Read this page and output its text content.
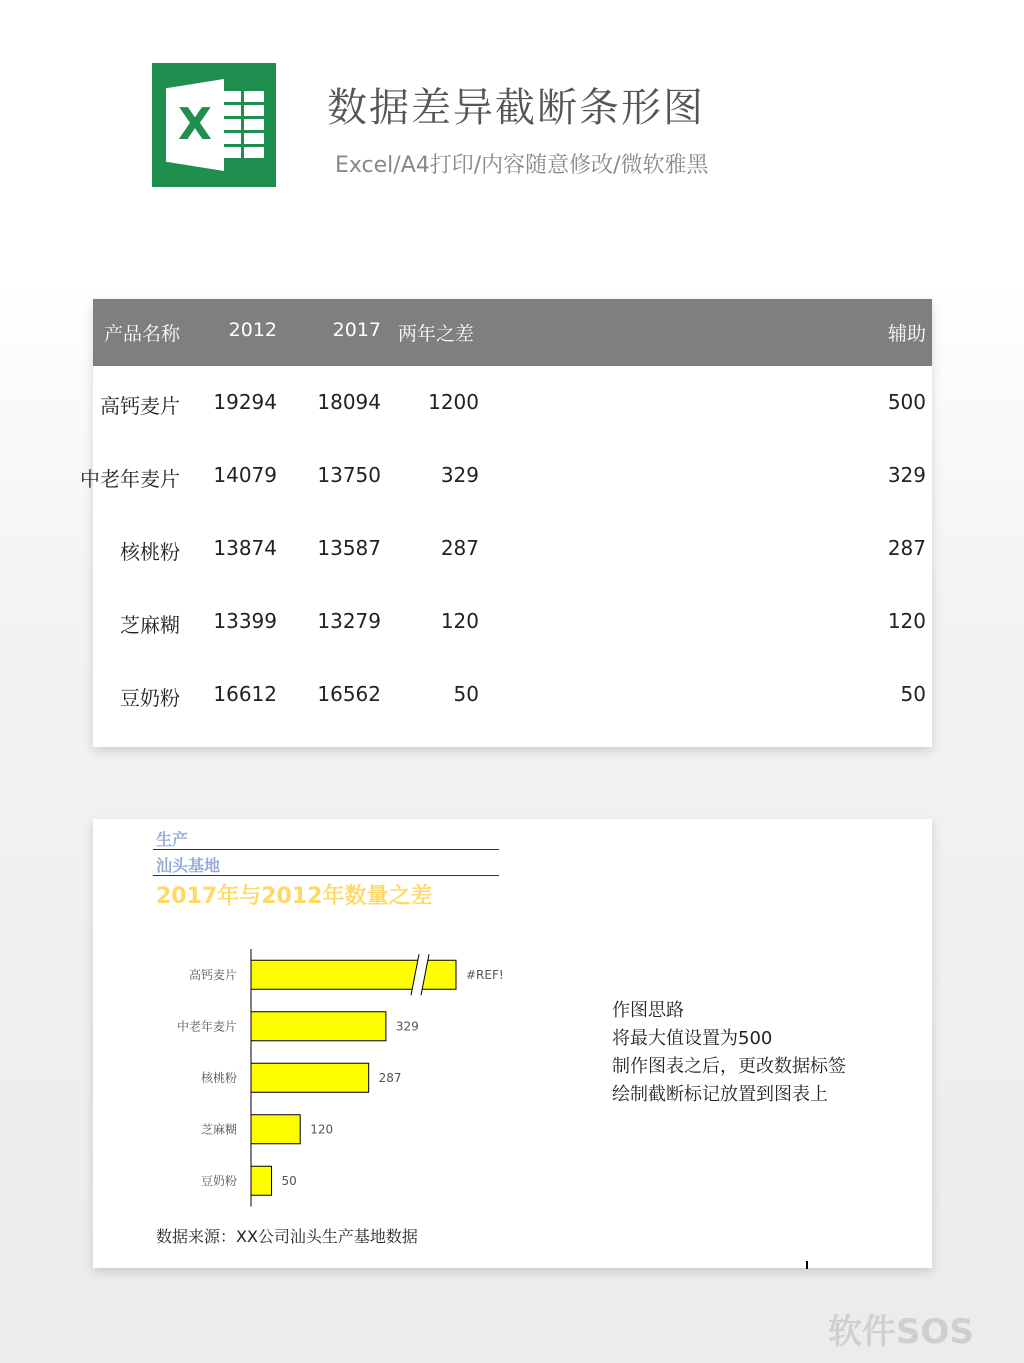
X	数据差异截断条形图
Excel/A4打印/内容随意修改/微软雅黑
产品名称	2012	2017 两年之差	辅助
高钙麦片 19294 18094 1200	500
中老年麦片 14079 13750	329	329
核桃粉 13874 13587	287	287
芝麻糊 13399 13279	120	120
豆奶粉 16612 16562	50	50
生产
汕头基地
2017年与2012年数量之差
高钙麦片	#REF!
中老年麦片	329
核桃粉	287
芝麻糊	120
豆奶粉	50
作图思路
将最大值设置为500
制作图表之后，更改数据标签
绘制截断标记放置到图表上
数据来源：XX公司汕头生产基地数据
软件SOS
